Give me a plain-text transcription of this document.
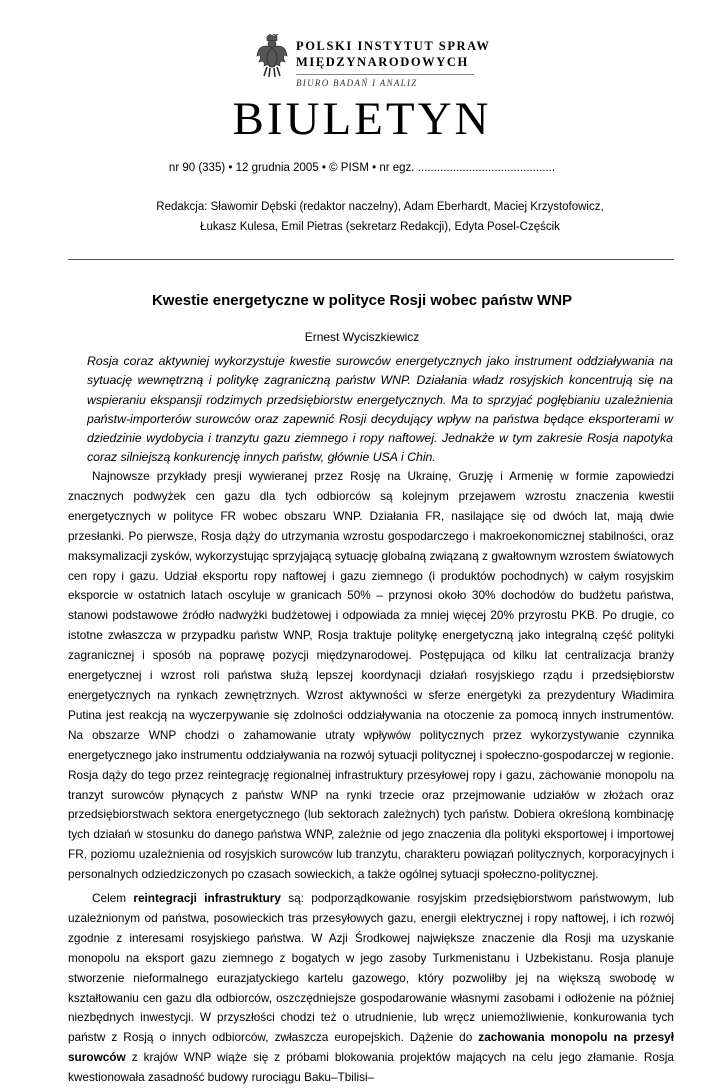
POLSKI INSTYTUT SPRAW
MIĘDZYNARODOWYCH
BIURO BADAŃ I ANALIZ
BIULETYN
nr 90 (335) • 12 grudnia 2005 • © PISM • nr egz. ...........................................
Redakcja: Sławomir Dębski (redaktor naczelny), Adam Eberhardt, Maciej Krzystofowicz,
Łukasz Kulesa, Emil Pietras (sekretarz Redakcji), Edyta Posel-Częścik
Kwestie energetyczne w polityce Rosji wobec państw WNP
Ernest Wyciszkiewicz

Rosja coraz aktywniej wykorzystuje kwestie surowców energetycznych jako instrument oddziaływania na sytuację wewnętrzną i politykę zagraniczną państw WNP. Działania władz rosyjskich koncentrują się na wspieraniu ekspansji rodzimych przedsiębiorstw energetycznych. Ma to sprzyjać pogłębianiu uzależnienia państw-importerów surowców oraz zapewnić Rosji decydujący wpływ na państwa będące eksporterami w dziedzinie wydobycia i tranzytu gazu ziemnego i ropy naftowej. Jednakże w tym zakresie Rosja napotyka coraz silniejszą konkurencję innych państw, głównie USA i Chin.

Najnowsze przykłady presji wywieranej przez Rosję na Ukrainę, Gruzję i Armenię w formie zapowiedzi znacznych podwyżek cen gazu dla tych odbiorców są kolejnym przejawem wzrostu znaczenia kwestii energetycznych w polityce FR wobec obszaru WNP. Działania FR, nasilające się od dwóch lat, mają dwie przesłanki. Po pierwsze, Rosja dąży do utrzymania wzrostu gospodarczego i makroekonomicznej stabilności, oraz maksymalizacji zysków, wykorzystując sprzyjającą sytuację globalną związaną z gwałtownym wzrostem światowych cen ropy i gazu. Udział eksportu ropy naftowej i gazu ziemnego (i produktów pochodnych) w całym rosyjskim eksporcie w ostatnich latach oscyluje w granicach 50% – przynosi około 30% dochodów do budżetu państwa, stanowi podstawowe źródło nadwyżki budżetowej i odpowiada za mniej więcej 20% przyrostu PKB. Po drugie, co istotne zwłaszcza w przypadku państw WNP, Rosja traktuje politykę energetyczną jako integralną część polityki zagranicznej i sposób na poprawę pozycji międzynarodowej. Postępująca od kilku lat centralizacja branży energetycznej i wzrost roli państwa służą lepszej koordynacji działań rosyjskiego rządu i przedsiębiorstw energetycznych na rynkach zewnętrznych. Wzrost aktywności w sferze energetyki za prezydentury Władimira Putina jest reakcją na wyczerpywanie się zdolności oddziaływania na otoczenie za pomocą innych instrumentów. Na obszarze WNP chodzi o zahamowanie utraty wpływów politycznych przez wykorzystywanie czynnika energetycznego jako instrumentu oddziaływania na rozwój sytuacji politycznej i społeczno-gospodarczej w regionie. Rosja dąży do tego przez reintegrację regionalnej infrastruktury przesyłowej ropy i gazu, zachowanie monopolu na tranzyt surowców płynących z państw WNP na rynki trzecie oraz przejmowanie udziałów w złożach oraz przedsiębiorstwach sektora energetycznego (lub sektorach zależnych) tych państw. Dobiera określoną kombinację tych działań w stosunku do danego państwa WNP, zależnie od jego znaczenia dla polityki eksportowej i importowej FR, poziomu uzależnienia od rosyjskich surowców lub tranzytu, charakteru powiązań politycznych, korporacyjnych i personalnych odziedziczonych po czasach sowieckich, a także ogólnej sytuacji społeczno-politycznej.

Celem reintegracji infrastruktury są: podporządkowanie rosyjskim przedsiębiorstwom państwowym, lub uzależnionym od państwa, posowieckich tras przesyłowych gazu, energii elektrycznej i ropy naftowej, i ich rozwój zgodnie z interesami rosyjskiego państwa. W Azji Środkowej największe znaczenie dla Rosji ma uzyskanie monopolu na eksport gazu ziemnego z bogatych w jego zasoby Turkmenistanu i Uzbekistanu. Rosja planuje stworzenie nieformalnego eurazjatyckiego kartelu gazowego, który pozwoliłby jej na większą swobodę w kształtowaniu cen gazu dla odbiorców, oszczędniejsze gospodarowanie własnymi zasobami i odłożenie na później niezbędnych inwestycji. W przyszłości chodzi też o utrudnienie, lub wręcz uniemożliwienie, konkurowania tych państw z Rosją o innych odbiorców, zwłaszcza europejskich. Dążenie do zachowania monopolu na przesył surowców z krajów WNP wiąże się z próbami blokowania projektów mających na celu jego złamanie. Rosja kwestionowała zasadność budowy rurociągu Baku–Tbilisi–
